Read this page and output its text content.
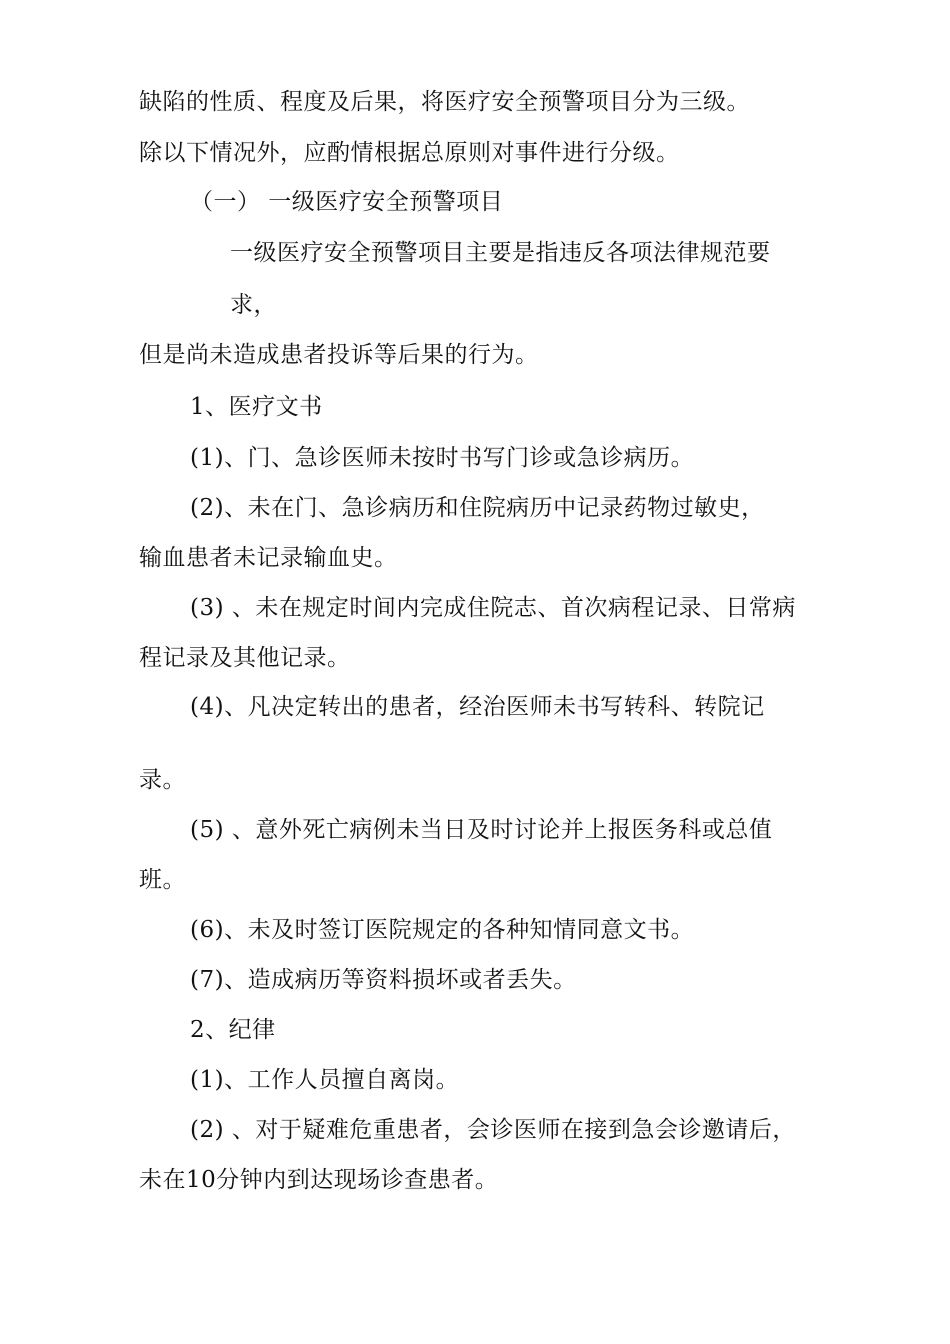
缺陷的性质、程度及后果，将医疗安全预警项目分为三级。
除以下情况外，应酌情根据总原则对事件进行分级。
（一） 一级医疗安全预警项目
一级医疗安全预警项目主要是指违反各项法律规范要
求，
但是尚未造成患者投诉等后果的行为。
1、医疗文书
(1)、门、急诊医师未按时书写门诊或急诊病历。
(2)、未在门、急诊病历和住院病历中记录药物过敏史，
输血患者未记录输血史。
(3) 、未在规定时间内完成住院志、首次病程记录、日常病
程记录及其他记录。
(4)、凡决定转出的患者，经治医师未书写转科、转院记
录。
(5) 、意外死亡病例未当日及时讨论并上报医务科或总值
班。
(6)、未及时签订医院规定的各种知情同意文书。
(7)、造成病历等资料损坏或者丢失。
2、纪律
(1)、工作人员擅自离岗。
(2) 、对于疑难危重患者，会诊医师在接到急会诊邀请后，
未在10分钟内到达现场诊查患者。
